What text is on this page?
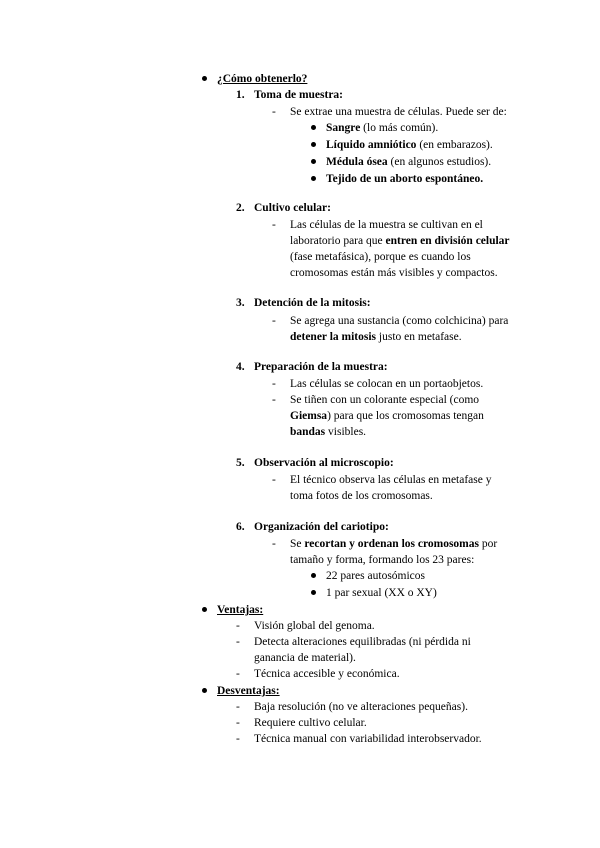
¿Cómo obtenerlo?
1. Toma de muestra:
- Se extrae una muestra de células. Puede ser de:
Sangre (lo más común).
Líquido amniótico (en embarazos).
Médula ósea (en algunos estudios).
Tejido de un aborto espontáneo.
2. Cultivo celular:
- Las células de la muestra se cultivan en el
laboratorio para que entren en división celular
(fase metafásica), porque es cuando los
cromosomas están más visibles y compactos.
3. Detención de la mitosis:
- Se agrega una sustancia (como colchicina) para
detener la mitosis justo en metafase.
4. Preparación de la muestra:
- Las células se colocan en un portaobjetos.
- Se tiñen con un colorante especial (como
Giemsa) para que los cromosomas tengan
bandas visibles.
5. Observación al microscopio:
- El técnico observa las células en metafase y
toma fotos de los cromosomas.
6. Organización del cariotipo:
- Se recortan y ordenan los cromosomas por
tamaño y forma, formando los 23 pares:
22 pares autosómicos
1 par sexual (XX o XY)
Ventajas:
- Visión global del genoma.
- Detecta alteraciones equilibradas (ni pérdida ni
ganancia de material).
- Técnica accesible y económica.
Desventajas:
- Baja resolución (no ve alteraciones pequeñas).
- Requiere cultivo celular.
- Técnica manual con variabilidad interobservador.
